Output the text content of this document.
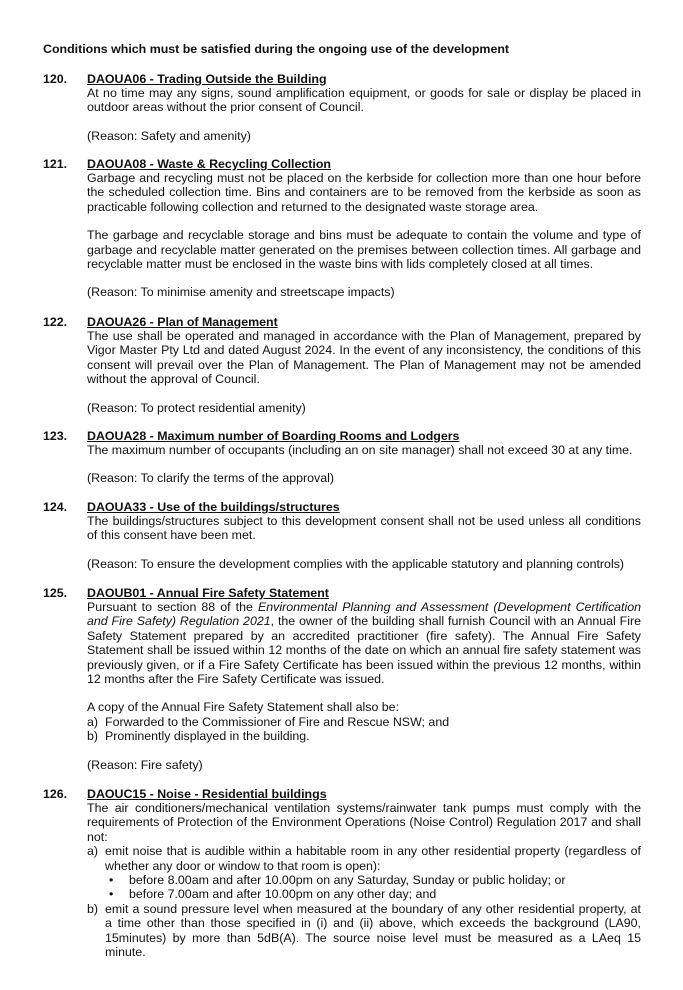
Conditions which must be satisfied during the ongoing use of the development
120. DAOUA06 - Trading Outside the Building

At no time may any signs, sound amplification equipment, or goods for sale or display be placed in outdoor areas without the prior consent of Council.

(Reason: Safety and amenity)

121. DAOUA08 - Waste & Recycling Collection

Garbage and recycling must not be placed on the kerbside for collection more than one hour before the scheduled collection time. Bins and containers are to be removed from the kerbside as soon as practicable following collection and returned to the designated waste storage area.

The garbage and recyclable storage and bins must be adequate to contain the volume and type of garbage and recyclable matter generated on the premises between collection times. All garbage and recyclable matter must be enclosed in the waste bins with lids completely closed at all times.

(Reason: To minimise amenity and streetscape impacts)

122. DAOUA26 - Plan of Management

The use shall be operated and managed in accordance with the Plan of Management, prepared by Vigor Master Pty Ltd and dated August 2024. In the event of any inconsistency, the conditions of this consent will prevail over the Plan of Management. The Plan of Management may not be amended without the approval of Council.

(Reason: To protect residential amenity)

123. DAOUA28 - Maximum number of Boarding Rooms and Lodgers

The maximum number of occupants (including an on site manager) shall not exceed 30 at any time.

(Reason: To clarify the terms of the approval)

124. DAOUA33 - Use of the buildings/structures

The buildings/structures subject to this development consent shall not be used unless all conditions of this consent have been met.

(Reason: To ensure the development complies with the applicable statutory and planning controls)

125. DAOUB01 - Annual Fire Safety Statement

Pursuant to section 88 of the Environmental Planning and Assessment (Development Certification and Fire Safety) Regulation 2021, the owner of the building shall furnish Council with an Annual Fire Safety Statement prepared by an accredited practitioner (fire safety). The Annual Fire Safety Statement shall be issued within 12 months of the date on which an annual fire safety statement was previously given, or if a Fire Safety Certificate has been issued within the previous 12 months, within 12 months after the Fire Safety Certificate was issued.

A copy of the Annual Fire Safety Statement shall also be:

a) Forwarded to the Commissioner of Fire and Rescue NSW; and
b) Prominently displayed in the building.

(Reason: Fire safety)

126. DAOUC15 - Noise - Residential buildings

The air conditioners/mechanical ventilation systems/rainwater tank pumps must comply with the requirements of Protection of the Environment Operations (Noise Control) Regulation 2017 and shall not:

a) emit noise that is audible within a habitable room in any other residential property (regardless of whether any door or window to that room is open):
•	before 8.00am and after 10.00pm on any Saturday, Sunday or public holiday; or
•	before 7.00am and after 10.00pm on any other day; and
b) emit a sound pressure level when measured at the boundary of any other residential property, at a time other than those specified in (i) and (ii) above, which exceeds the background (LA90, 15minutes) by more than 5dB(A). The source noise level must be measured as a LAeq 15 minute.
